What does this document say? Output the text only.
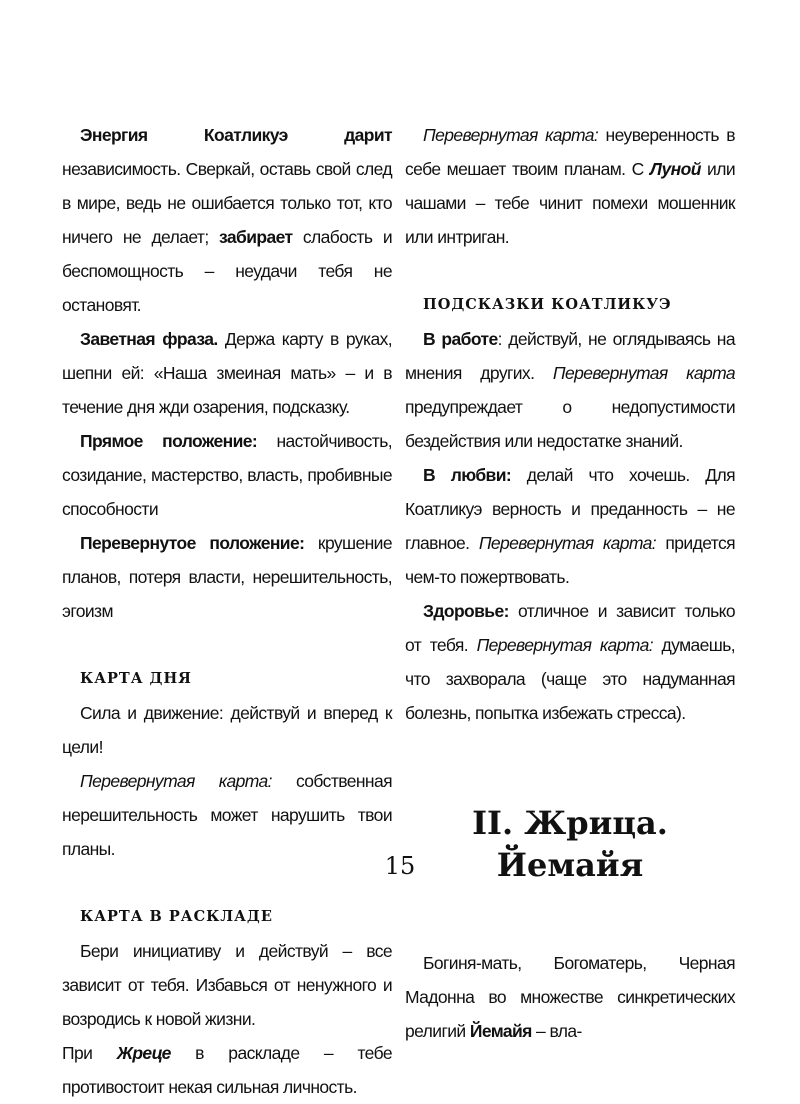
Энергия Коатликуэ дарит независимость. Сверкай, оставь свой след в мире, ведь не ошибается только тот, кто ничего не делает; забирает слабость и беспомощность – неудачи тебя не остановят.

Заветная фраза. Держа карту в руках, шепни ей: «Наша змеиная мать» – и в течение дня жди озарения, подсказку.

Прямое положение: настойчивость, созидание, мастерство, власть, пробивные способности

Перевернутое положение: крушение планов, потеря власти, нерешительность, эгоизм

КАРТА ДНЯ

Сила и движение: действуй и вперед к цели!

Перевернутая карта: собственная нерешительность может нарушить твои планы.

КАРТА В РАСКЛАДЕ

Бери инициативу и действуй – все зависит от тебя. Избавься от ненужного и возродись к новой жизни.

При Жреце в раскладе – тебе противостоит некая сильная личность.

Перевернутая карта: неуверенность в себе мешает твоим планам. С Луной или чашами – тебе чинит помехи мошенник или интриган.

ПОДСКАЗКИ КОАТЛИКУЭ

В работе: действуй, не оглядываясь на мнения других. Перевернутая карта предупреждает о недопустимости бездействия или недостатке знаний.

В любви: делай что хочешь. Для Коатликуэ верность и преданность – не главное. Перевернутая карта: придется чем-то пожертвовать.

Здоровье: отличное и зависит только от тебя. Перевернутая карта: думаешь, что захворала (чаще это надуманная болезнь, попытка избежать стресса).

II. Жрица.
Йемайя

Богиня-мать, Богоматерь, Черная Мадонна во множестве синкретических религий Йемайя – вла-

15
